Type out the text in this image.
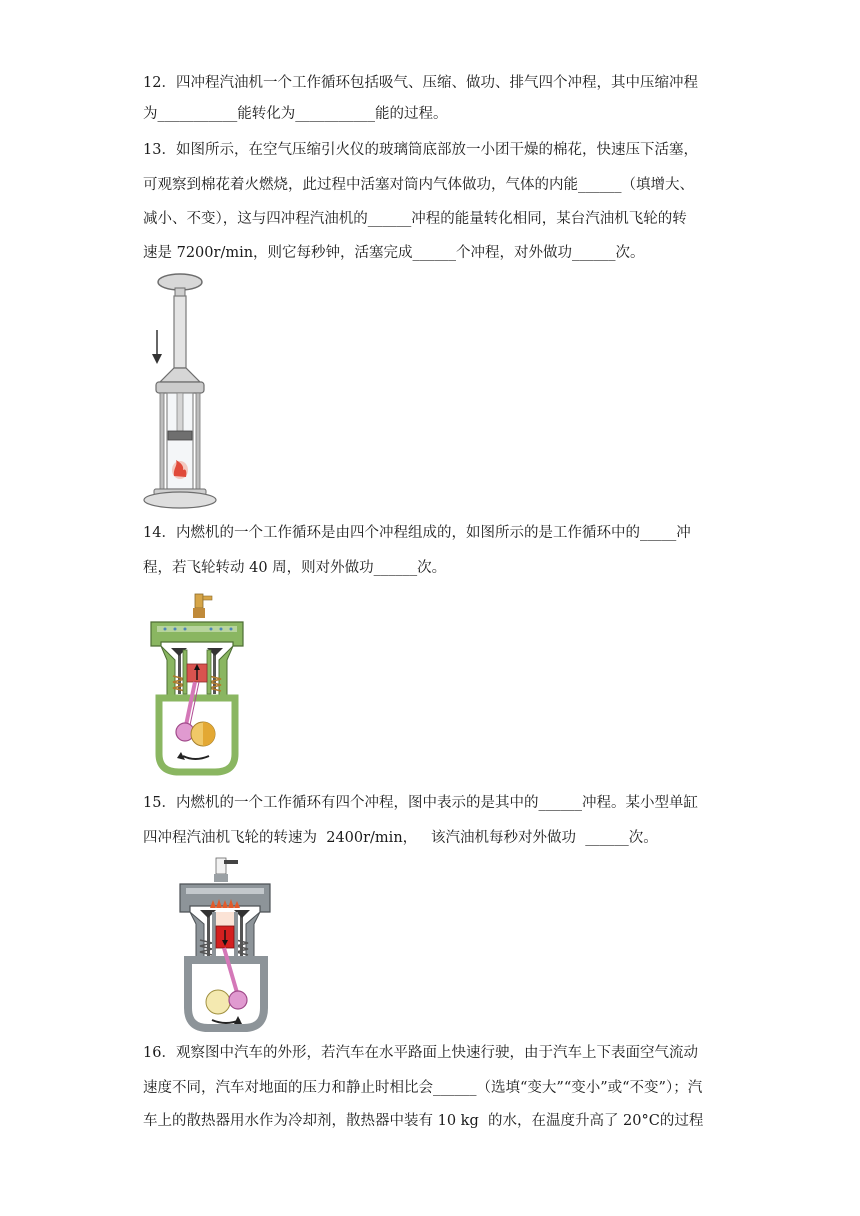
12．四冲程汽油机一个工作循环包括吸气、压缩、做功、排气四个冲程，其中压缩冲程
为___________能转化为___________能的过程。
13．如图所示，在空气压缩引火仪的玻璃筒底部放一小团干燥的棉花，快速压下活塞，
可观察到棉花着火燃烧，此过程中活塞对筒内气体做功，气体的内能______（填增大、
减小、不变），这与四冲程汽油机的______冲程的能量转化相同，某台汽油机飞轮的转
速是 7200r/min，则它每秒钟，活塞完成______个冲程，对外做功______次。
14．内燃机的一个工作循环是由四个冲程组成的，如图所示的是工作循环中的_____冲
程，若飞轮转动 40 周，则对外做功______次。
15．内燃机的一个工作循环有四个冲程，图中表示的是其中的______冲程。某小型单缸
四冲程汽油机飞轮的转速为  2400r/min，   该汽油机每秒对外做功  ______次。
16．观察图中汽车的外形，若汽车在水平路面上快速行驶，由于汽车上下表面空气流动
速度不同，汽车对地面的压力和静止时相比会______（选填“变大”“变小”或“不变”）；汽
车上的散热器用水作为冷却剂，散热器中装有 10 kg  的水，在温度升高了 20°C的过程
